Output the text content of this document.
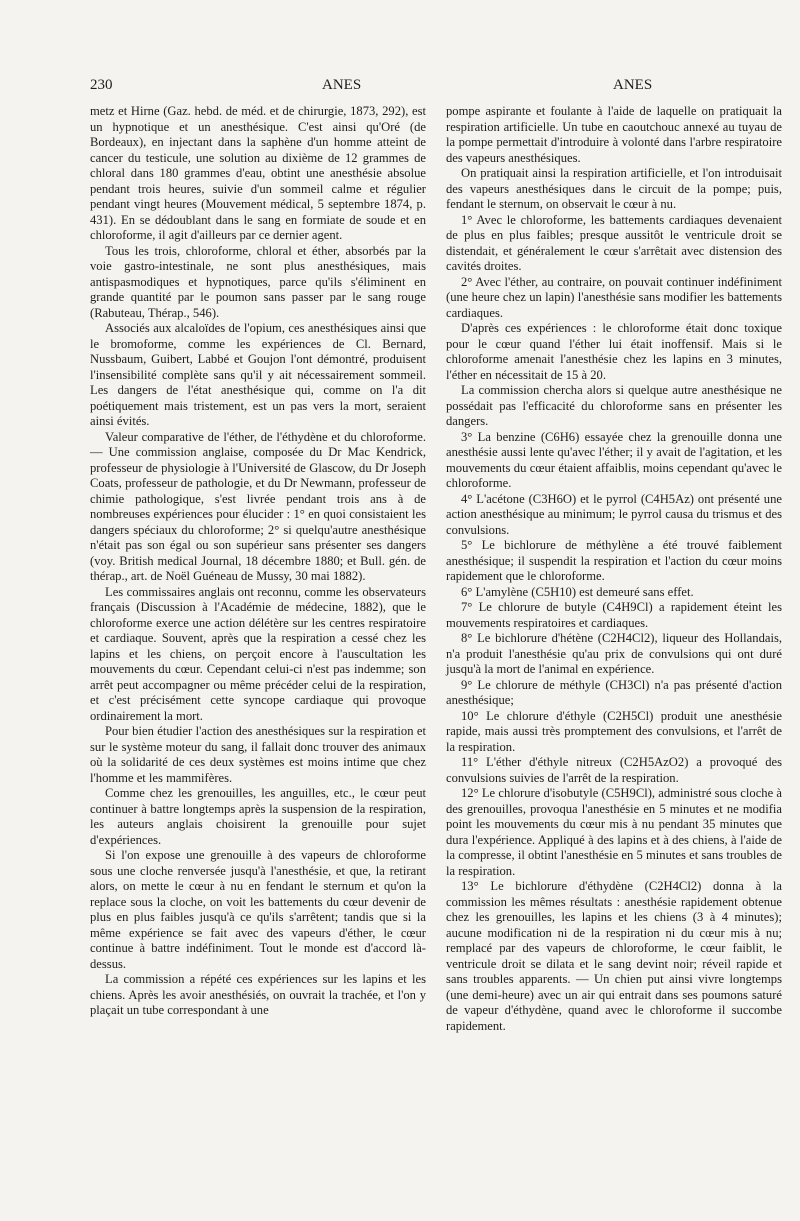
230	ANES	ANES

metz et Hirne (Gaz. hebd. de méd. et de chirurgie, 1873, 292), est un hypnotique et un anesthésique. C'est ainsi qu'Oré (de Bordeaux), en injectant dans la saphène d'un homme atteint de cancer du testicule, une solution au dixième de 12 grammes de chloral dans 180 grammes d'eau, obtint une anesthésie absolue pendant trois heures, suivie d'un sommeil calme et régulier pendant vingt heures (Mouvement médical, 5 septembre 1874, p. 431). En se dédoublant dans le sang en formiate de soude et en chloroforme, il agit d'ailleurs par ce dernier agent.

Tous les trois, chloroforme, chloral et éther, absorbés par la voie gastro-intestinale, ne sont plus anesthésiques, mais antispasmodiques et hypnotiques, parce qu'ils s'éliminent en grande quantité par le poumon sans passer par le sang rouge (Rabuteau, Thérap., 546).

Associés aux alcaloïdes de l'opium, ces anesthésiques ainsi que le bromoforme, comme les expériences de Cl. Bernard, Nussbaum, Guibert, Labbé et Goujon l'ont démontré, produisent l'insensibilité complète sans qu'il y ait nécessairement sommeil. Les dangers de l'état anesthésique qui, comme on l'a dit poétiquement mais tristement, est un pas vers la mort, seraient ainsi évités.

Valeur comparative de l'éther, de l'éthydène et du chloroforme. — Une commission anglaise, composée du Dr Mac Kendrick, professeur de physiologie à l'Université de Glascow, du Dr Joseph Coats, professeur de pathologie, et du Dr Newmann, professeur de chimie pathologique, s'est livrée pendant trois ans à de nombreuses expériences pour élucider : 1° en quoi consistaient les dangers spéciaux du chloroforme; 2° si quelqu'autre anesthésique n'était pas son égal ou son supérieur sans présenter ses dangers (voy. British medical Journal, 18 décembre 1880; et Bull. gén. de thérap., art. de Noël Guéneau de Mussy, 30 mai 1882).

Les commissaires anglais ont reconnu, comme les observateurs français (Discussion à l'Académie de médecine, 1882), que le chloroforme exerce une action délétère sur les centres respiratoire et cardiaque. Souvent, après que la respiration a cessé chez les lapins et les chiens, on perçoit encore à l'auscultation les mouvements du cœur. Cependant celui-ci n'est pas indemme; son arrêt peut accompagner ou même précéder celui de la respiration, et c'est précisément cette syncope cardiaque qui provoque ordinairement la mort.

Pour bien étudier l'action des anesthésiques sur la respiration et sur le système moteur du sang, il fallait donc trouver des animaux où la solidarité de ces deux systèmes est moins intime que chez l'homme et les mammifères.

Comme chez les grenouilles, les anguilles, etc., le cœur peut continuer à battre longtemps après la suspension de la respiration, les auteurs anglais choisirent la grenouille pour sujet d'expériences.

Si l'on expose une grenouille à des vapeurs de chloroforme sous une cloche renversée jusqu'à l'anesthésie, et que, la retirant alors, on mette le cœur à nu en fendant le sternum et qu'on la replace sous la cloche, on voit les battements du cœur devenir de plus en plus faibles jusqu'à ce qu'ils s'arrêtent; tandis que si la même expérience se fait avec des vapeurs d'éther, le cœur continue à battre indéfiniment. Tout le monde est d'accord là-dessus.

La commission a répété ces expériences sur les lapins et les chiens. Après les avoir anesthésiés, on ouvrait la trachée, et l'on y plaçait un tube correspondant à une

pompe aspirante et foulante à l'aide de laquelle on pratiquait la respiration artificielle. Un tube en caoutchouc annexé au tuyau de la pompe permettait d'introduire à volonté dans l'arbre respiratoire des vapeurs anesthésiques.

On pratiquait ainsi la respiration artificielle, et l'on introduisait des vapeurs anesthésiques dans le circuit de la pompe; puis, fendant le sternum, on observait le cœur à nu.

1° Avec le chloroforme, les battements cardiaques devenaient de plus en plus faibles; presque aussitôt le ventricule droit se distendait, et généralement le cœur s'arrêtait avec distension des cavités droites.

2° Avec l'éther, au contraire, on pouvait continuer indéfiniment (une heure chez un lapin) l'anesthésie sans modifier les battements cardiaques.

D'après ces expériences : le chloroforme était donc toxique pour le cœur quand l'éther lui était inoffensif. Mais si le chloroforme amenait l'anesthésie chez les lapins en 3 minutes, l'éther en nécessitait de 15 à 20.

La commission chercha alors si quelque autre anesthésique ne possédait pas l'efficacité du chloroforme sans en présenter les dangers.

3° La benzine (C6H6) essayée chez la grenouille donna une anesthésie aussi lente qu'avec l'éther; il y avait de l'agitation, et les mouvements du cœur étaient affaiblis, moins cependant qu'avec le chloroforme.

4° L'acétone (C3H6O) et le pyrrol (C4H5Az) ont présenté une action anesthésique au minimum; le pyrrol causa du trismus et des convulsions.

5° Le bichlorure de méthylène a été trouvé faiblement anesthésique; il suspendit la respiration et l'action du cœur moins rapidement que le chloroforme.

6° L'amylène (C5H10) est demeuré sans effet.

7° Le chlorure de butyle (C4H9Cl) a rapidement éteint les mouvements respiratoires et cardiaques.

8° Le bichlorure d'hétène (C2H4Cl2), liqueur des Hollandais, n'a produit l'anesthésie qu'au prix de convulsions qui ont duré jusqu'à la mort de l'animal en expérience.

9° Le chlorure de méthyle (CH3Cl) n'a pas présenté d'action anesthésique;

10° Le chlorure d'éthyle (C2H5Cl) produit une anesthésie rapide, mais aussi très promptement des convulsions, et l'arrêt de la respiration.

11° L'éther d'éthyle nitreux (C2H5AzO2) a provoqué des convulsions suivies de l'arrêt de la respiration.

12° Le chlorure d'isobutyle (C5H9Cl), administré sous cloche à des grenouilles, provoqua l'anesthésie en 5 minutes et ne modifia point les mouvements du cœur mis à nu pendant 35 minutes que dura l'expérience. Appliqué à des lapins et à des chiens, à l'aide de la compresse, il obtint l'anesthésie en 5 minutes et sans troubles de la respiration.

13° Le bichlorure d'éthydène (C2H4Cl2) donna à la commission les mêmes résultats : anesthésie rapidement obtenue chez les grenouilles, les lapins et les chiens (3 à 4 minutes); aucune modification ni de la respiration ni du cœur mis à nu; remplacé par des vapeurs de chloroforme, le cœur faiblit, le ventricule droit se dilata et le sang devint noir; réveil rapide et sans troubles apparents. — Un chien put ainsi vivre longtemps (une demi-heure) avec un air qui entrait dans ses poumons saturé de vapeur d'éthydène, quand avec le chloroforme il succombe rapidement.
